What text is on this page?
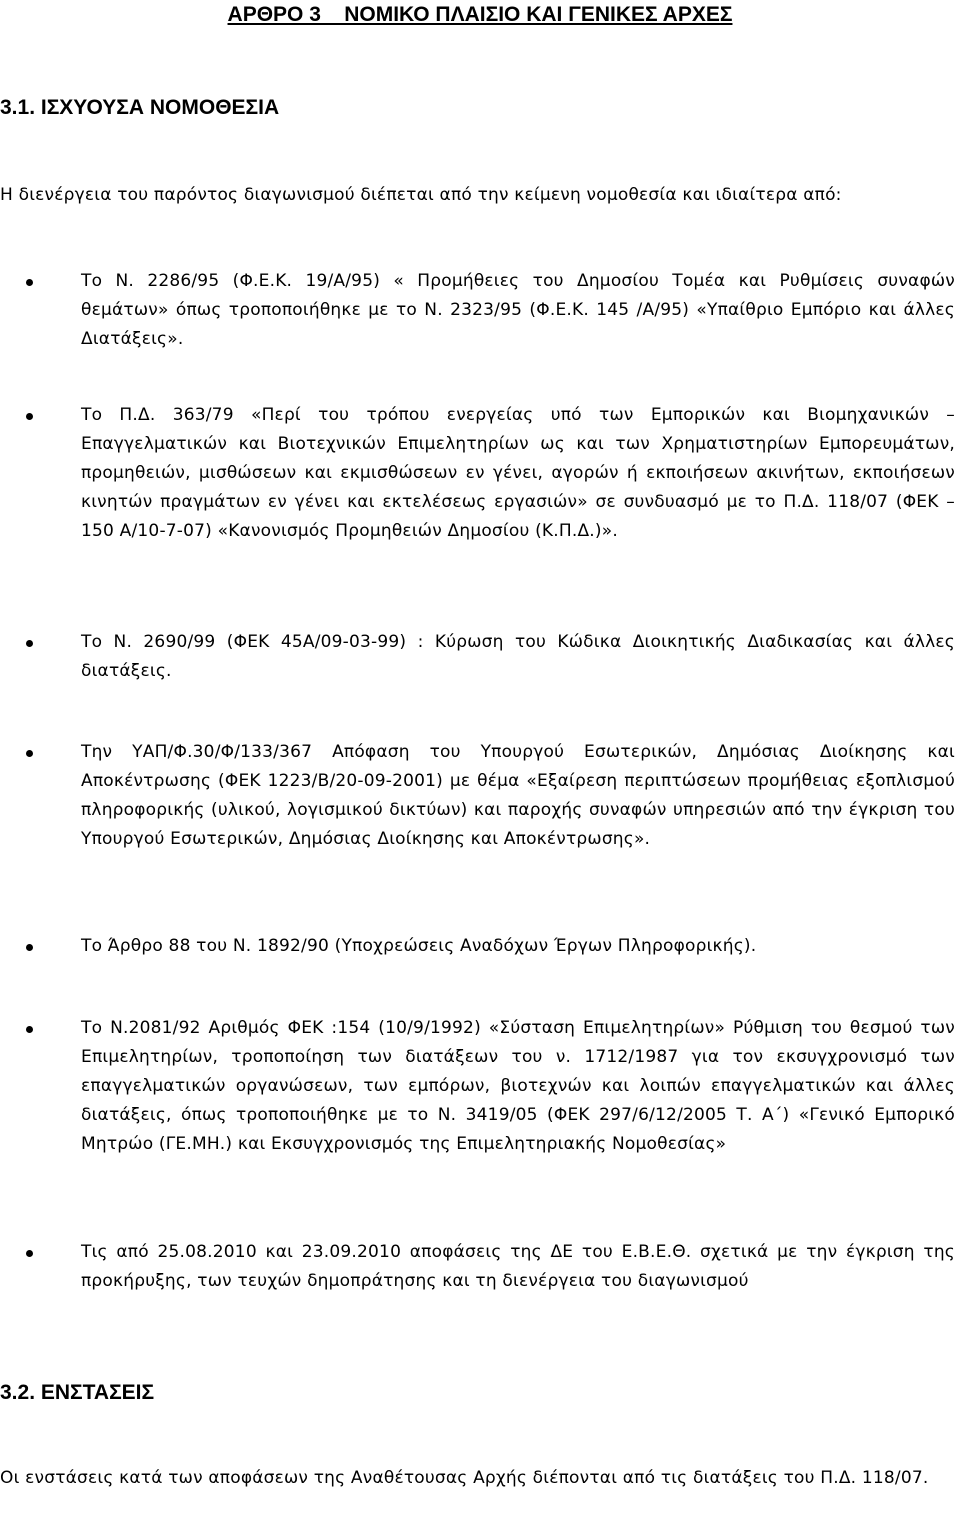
ΑΡΘΡΟ 3    ΝΟΜΙΚΟ ΠΛΑΙΣΙΟ ΚΑΙ ΓΕΝΙΚΕΣ ΑΡΧΕΣ
3.1. ΙΣΧΥΟΥΣΑ ΝΟΜΟΘΕΣΙΑ

Η διενέργεια του παρόντος διαγωνισμού διέπεται από την κείμενη νομοθεσία και ιδιαίτερα από:

Το Ν. 2286/95 (Φ.Ε.Κ. 19/Α/95) « Προμήθειες του Δημοσίου Τομέα και Ρυθμίσεις συναφών θεμάτων» όπως τροποποιήθηκε με το Ν. 2323/95 (Φ.Ε.Κ. 145 /Α/95) «Υπαίθριο Εμπόριο και άλλες Διατάξεις».
Το Π.Δ. 363/79 «Περί του τρόπου ενεργείας υπό των Εμπορικών και Βιομηχανικών – Επαγγελματικών και Βιοτεχνικών Επιμελητηρίων ως και των Χρηματιστηρίων Εμπορευμάτων, προμηθειών, μισθώσεων και εκμισθώσεων εν γένει, αγορών ή εκποιήσεων ακινήτων, εκποιήσεων κινητών πραγμάτων εν γένει και εκτελέσεως εργασιών» σε συνδυασμό με το Π.Δ. 118/07 (ΦΕΚ – 150 Α/10-7-07) «Κανονισμός Προμηθειών Δημοσίου (Κ.Π.Δ.)».
Το Ν. 2690/99 (ΦΕΚ 45Α/09-03-99) : Κύρωση του Κώδικα Διοικητικής Διαδικασίας και άλλες διατάξεις.
Την ΥΑΠ/Φ.30/Φ/133/367 Απόφαση του Υπουργού Εσωτερικών, Δημόσιας Διοίκησης και Αποκέντρωσης (ΦΕΚ 1223/Β/20-09-2001) με θέμα «Εξαίρεση περιπτώσεων προμήθειας εξοπλισμού πληροφορικής (υλικού, λογισμικού δικτύων) και παροχής συναφών υπηρεσιών από την έγκριση του Υπουργού Εσωτερικών, Δημόσιας Διοίκησης και Αποκέντρωσης».
Το Άρθρο 88 του Ν. 1892/90 (Υποχρεώσεις Αναδόχων Έργων Πληροφορικής).
Το Ν.2081/92 Αριθμός ΦΕΚ :154 (10/9/1992) «Σύσταση Επιμελητηρίων» Ρύθμιση του θεσμού των Επιμελητηρίων, τροποποίηση των διατάξεων του ν. 1712/1987 για τον εκσυγχρονισμό των επαγγελματικών οργανώσεων, των εμπόρων, βιοτεχνών και λοιπών επαγγελματικών και άλλες διατάξεις, όπως τροποποιήθηκε με το Ν. 3419/05 (ΦΕΚ 297/6/12/2005 Τ. Α΄) «Γενικό Εμπορικό Μητρώο (ΓΕ.ΜΗ.) και Εκσυγχρονισμός της Επιμελητηριακής Νομοθεσίας»
Τις από 25.08.2010 και 23.09.2010 αποφάσεις της ΔΕ του Ε.Β.Ε.Θ. σχετικά με την έγκριση της προκήρυξης, των τευχών δημοπράτησης και τη διενέργεια του διαγωνισμού
3.2. ΕΝΣΤΑΣΕΙΣ

Οι ενστάσεις κατά των αποφάσεων της Αναθέτουσας Αρχής διέπονται από τις διατάξεις του Π.Δ. 118/07.
